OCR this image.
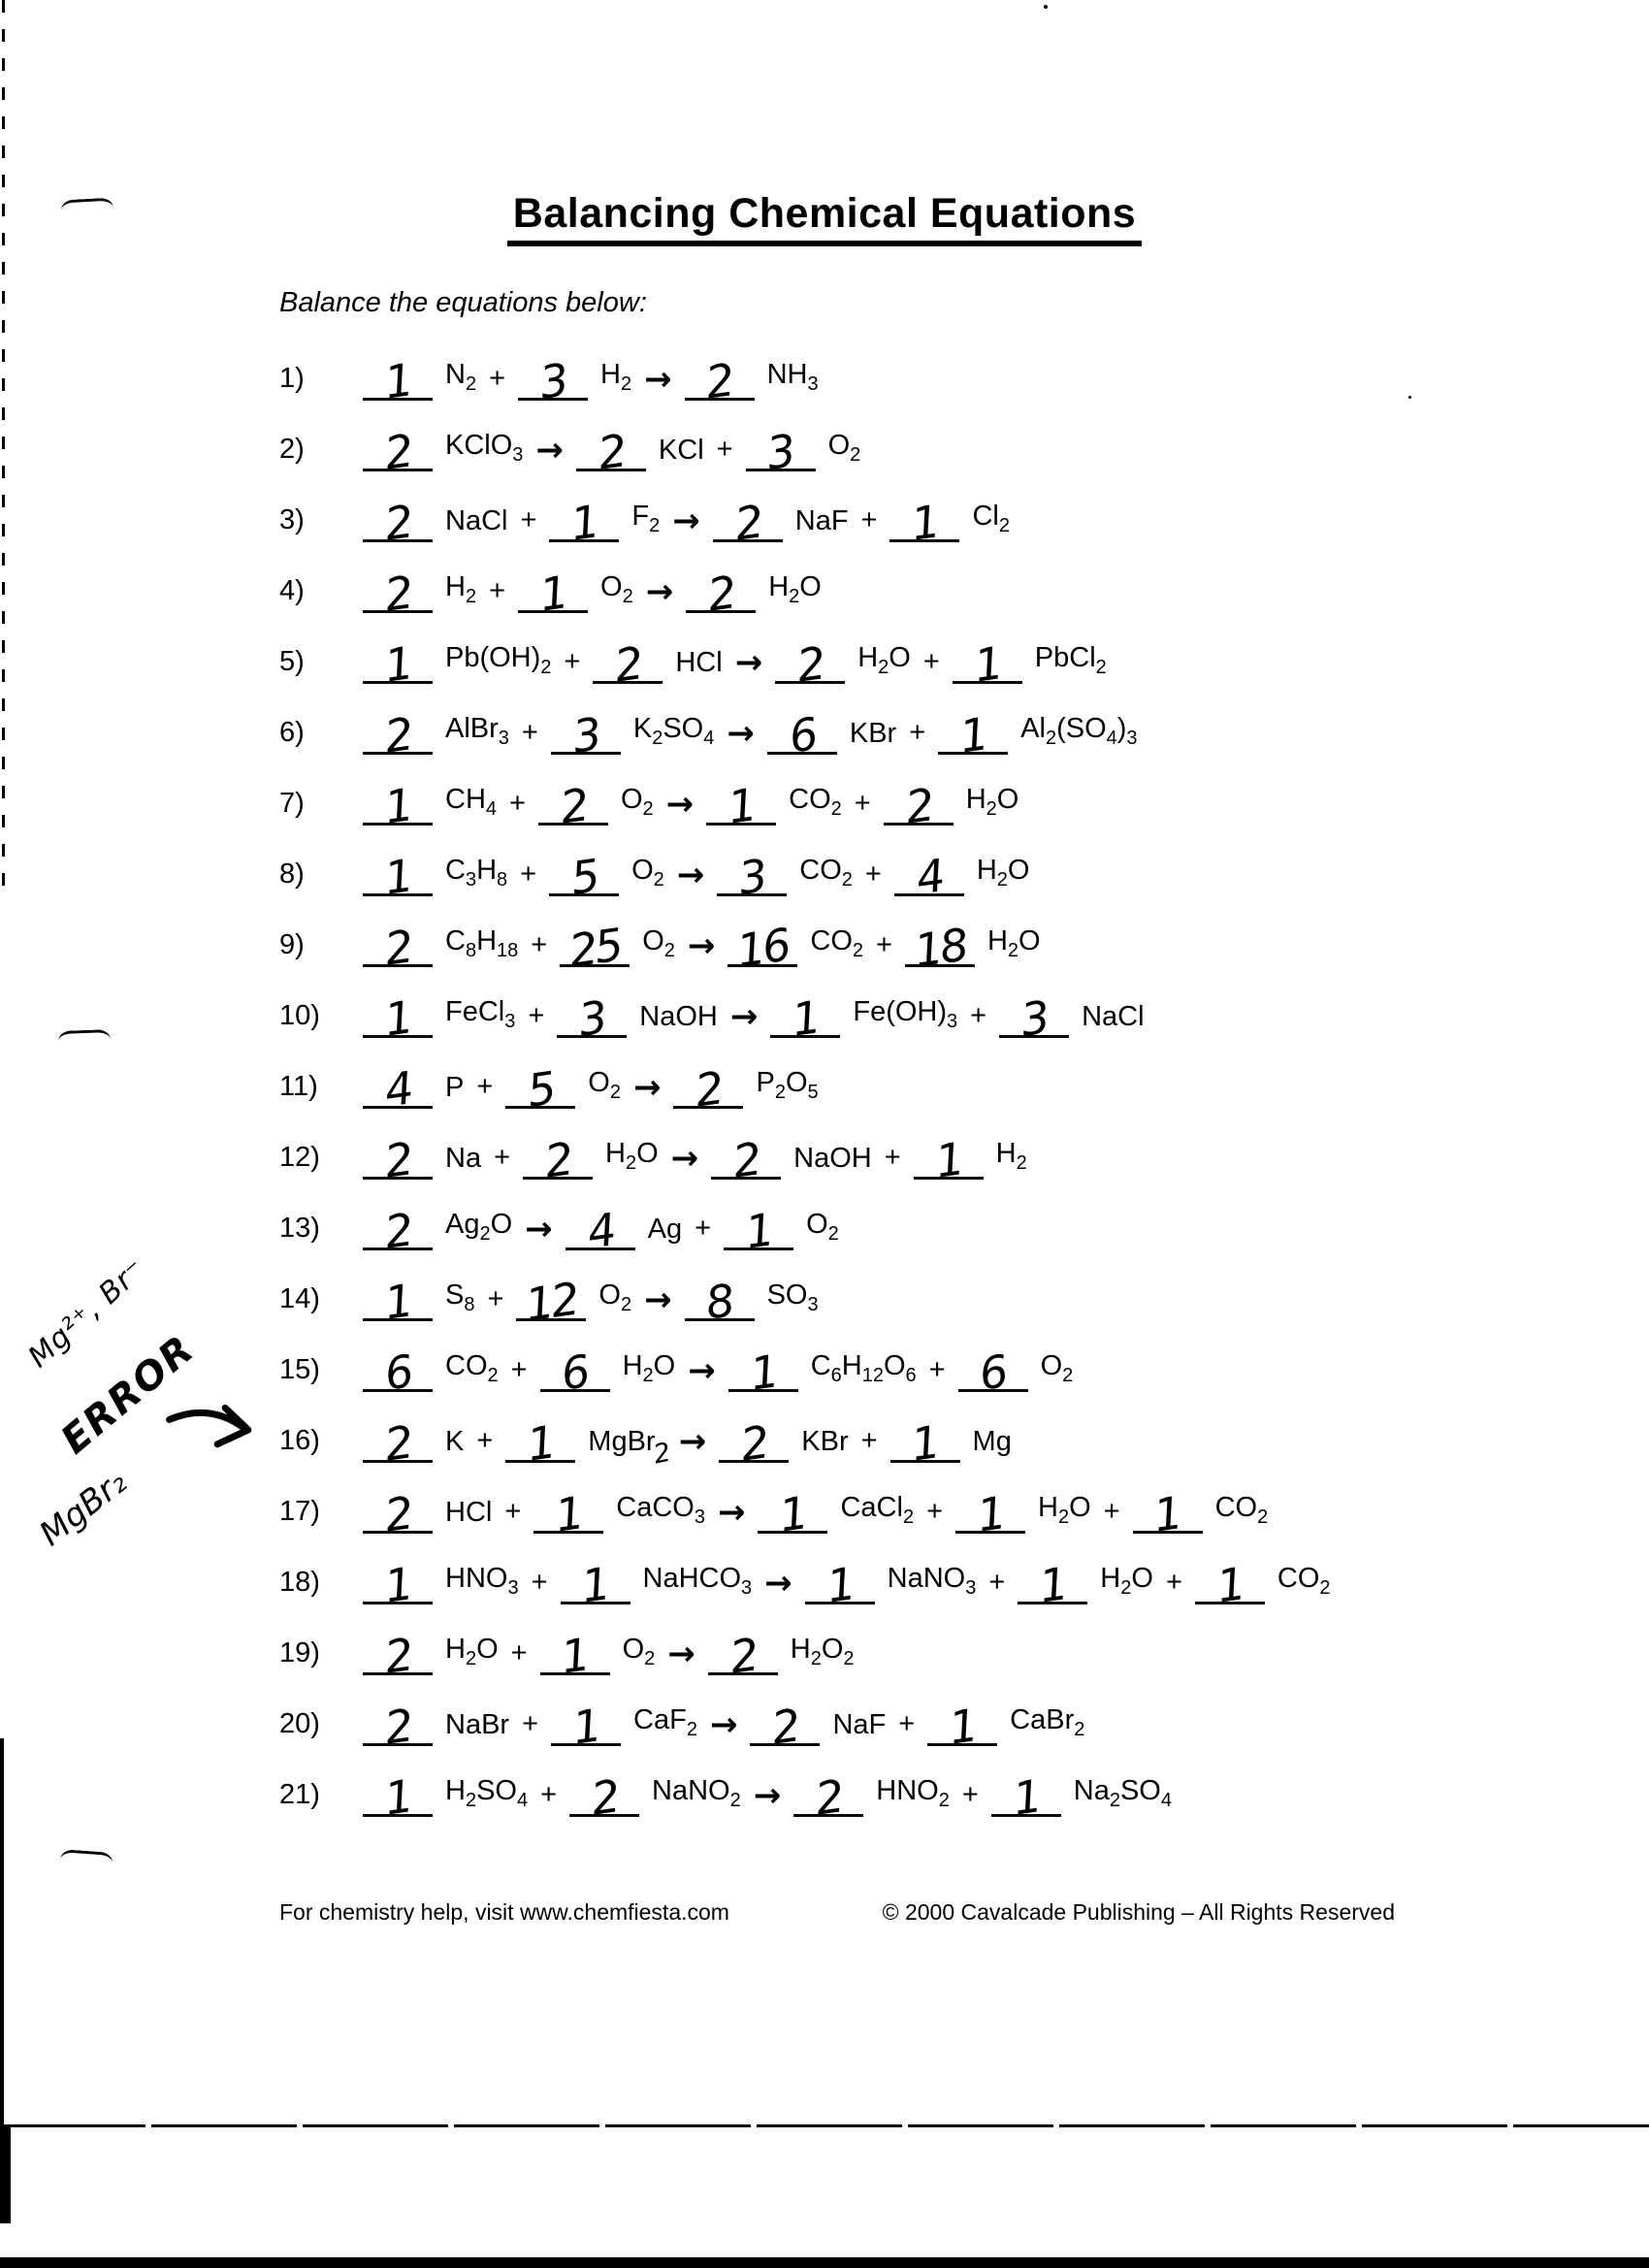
Balancing Chemical Equations
Balance the equations below:
1)	1 $N_2 + 3$ $H_2 \to 2$ $NH_3$
2)	2 KClO$_3$ → 2 KCl + 3 $O_2$
3)	2 NaCl + 1 $F_2 \to 2$ NaF + 1 $Cl_2$
4)	2 $H_2 + 1$ $O_2 \to 2$ $H_2O$
5)	1 $Pb(OH)_2 + 2$ HCl → 2 $H_2O + 1$ PbCl$_2$
6)	2 AlBr$_3$ + 3 $K_2SO_4 \to 6$ KBr + 1 $Al_2(SO_4)_3$
7)	1 $CH_4 + 2$ $O_2 \to 1$ $CO_2 + 2$ $H_2O$
8)	1 $C_3H_8 + 5$ $O_2 \to 3$ $CO_2 + 4$ $H_2O$
9)	2 $C_8H_{18} + 25$ $O_2 \to 16$ $CO_2 + 18$ $H_2O$
10)	1 FeCl$_3$ + 3 NaOH → 1 $Fe(OH)_3 + 3$ NaCl
11)	4 P + 5 $O_2 \to 2$ $P_2O_5$
12)	2 Na + 2 $H_2O \to 2$ NaOH + 1 $H_2$
13)	2 $Ag_2O \to 4$ Ag + 1 $O_2$
14)	1 $S_8 + 12$ $O_2 \to 8$ $SO_3$
15)	6 $CO_2 + 6$ $H_2O \to 1$ $C_6H_{12}O_6 + 6$ $O_2$
16)	2 K + 1 MgBr2 → 2 KBr + 1 Mg
17)	2 HCl + 1 CaCO$_3$ → 1 CaCl$_2$ + 1 $H_2O + 1$ $CO_2$
18)	1 $HNO_3 + 1$ NaHCO$_3$ → 1 NaNO$_3$ + 1 $H_2O + 1$ $CO_2$
19)	2 $H_2O + 1$ $O_2 \to 2$ $H_2O_2$
20)	2 NaBr + 1 CaF$_2$ → 2 NaF + 1 CaBr$_2$
21)	1 $H_2SO_4 + 2$ NaNO$_2$ → 2 $HNO_2 + 1$ $Na_2SO_4$
Mg²⁺, Br⁻
ERROR
MgBr₂
For chemistry help, visit www.chemfiesta.com	© 2000 Cavalcade Publishing – All Rights Reserved
